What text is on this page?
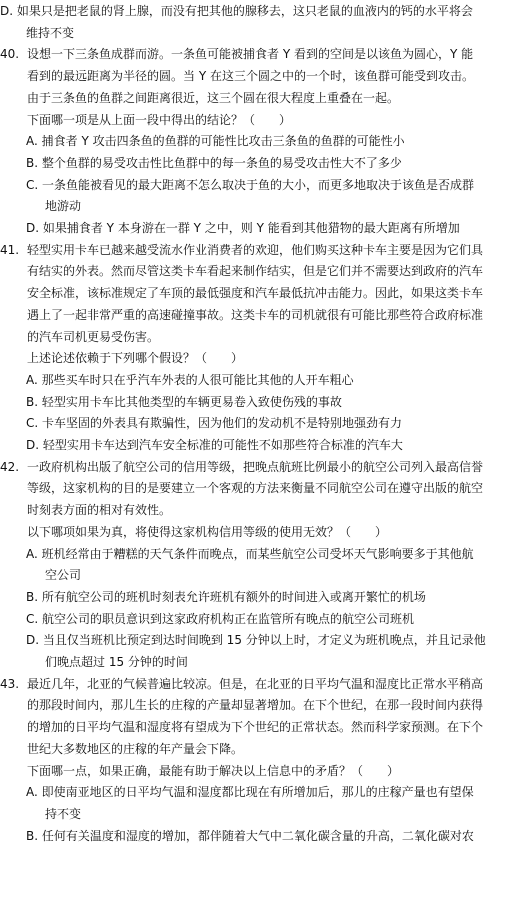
D. 如果只是把老鼠的肾上腺，而没有把其他的腺移去，这只老鼠的血液内的钙的水平将会
维持不变
设想一下三条鱼成群而游。一条鱼可能被捕食者 Y 看到的空间是以该鱼为圆心，Y 能
40.
看到的最远距离为半径的圆。当 Y 在这三个圆之中的一个时，该鱼群可能受到攻击。
由于三条鱼的鱼群之间距离很近，这三个圆在很大程度上重叠在一起。
下面哪一项是从上面一段中得出的结论？（　　）
A. 捕食者 Y 攻击四条鱼的鱼群的可能性比攻击三条鱼的鱼群的可能性小
B. 整个鱼群的易受攻击性比鱼群中的每一条鱼的易受攻击性大不了多少
C. 一条鱼能被看见的最大距离不怎么取决于鱼的大小，而更多地取决于该鱼是否成群
地游动
D. 如果捕食者 Y 本身游在一群 Y 之中，则 Y 能看到其他猎物的最大距离有所增加
轻型实用卡车已越来越受流水作业消费者的欢迎，他们购买这种卡车主要是因为它们具
41.
有结实的外表。然而尽管这类卡车看起来制作结实，但是它们并不需要达到政府的汽车
安全标准，该标准规定了车顶的最低强度和汽车最低抗冲击能力。因此，如果这类卡车
遇上了一起非常严重的高速碰撞事故。这类卡车的司机就很有可能比那些符合政府标准
的汽车司机更易受伤害。
上述论述依赖于下列哪个假设？（　　）
A. 那些买车时只在乎汽车外表的人很可能比其他的人开车粗心
B. 轻型实用卡车比其他类型的车辆更易卷入致使伤残的事故
C. 卡车坚固的外表具有欺骗性，因为他们的发动机不是特别地强劲有力
D. 轻型实用卡车达到汽车安全标准的可能性不如那些符合标准的汽车大
一政府机构出版了航空公司的信用等级，把晚点航班比例最小的航空公司列入最高信誉
42.
等级，这家机构的目的是要建立一个客观的方法来衡量不同航空公司在遵守出版的航空
时刻表方面的相对有效性。
以下哪项如果为真，将使得这家机构信用等级的使用无效？（　　）
A. 班机经常由于糟糕的天气条件而晚点，而某些航空公司受坏天气影响要多于其他航
空公司
B. 所有航空公司的班机时刻表允许班机有额外的时间进入或离开繁忙的机场
C. 航空公司的职员意识到这家政府机构正在监管所有晚点的航空公司班机
D. 当且仅当班机比预定到达时间晚到 15 分钟以上时，才定义为班机晚点，并且记录他
们晚点超过 15 分钟的时间
最近几年，北亚的气候普遍比较凉。但是，在北亚的日平均气温和湿度比正常水平稍高
43.
的那段时间内，那儿生长的庄稼的产量却显著增加。在下个世纪，在那一段时间内获得
的增加的日平均气温和湿度将有望成为下个世纪的正常状态。然而科学家预测。在下个
世纪大多数地区的庄稼的年产量会下降。
下面哪一点，如果正确，最能有助于解决以上信息中的矛盾？（　　）
A. 即使南亚地区的日平均气温和湿度都比现在有所增加后，那儿的庄稼产量也有望保
持不变
B. 任何有关温度和湿度的增加，都伴随着大气中二氧化碳含量的升高，二氧化碳对农
